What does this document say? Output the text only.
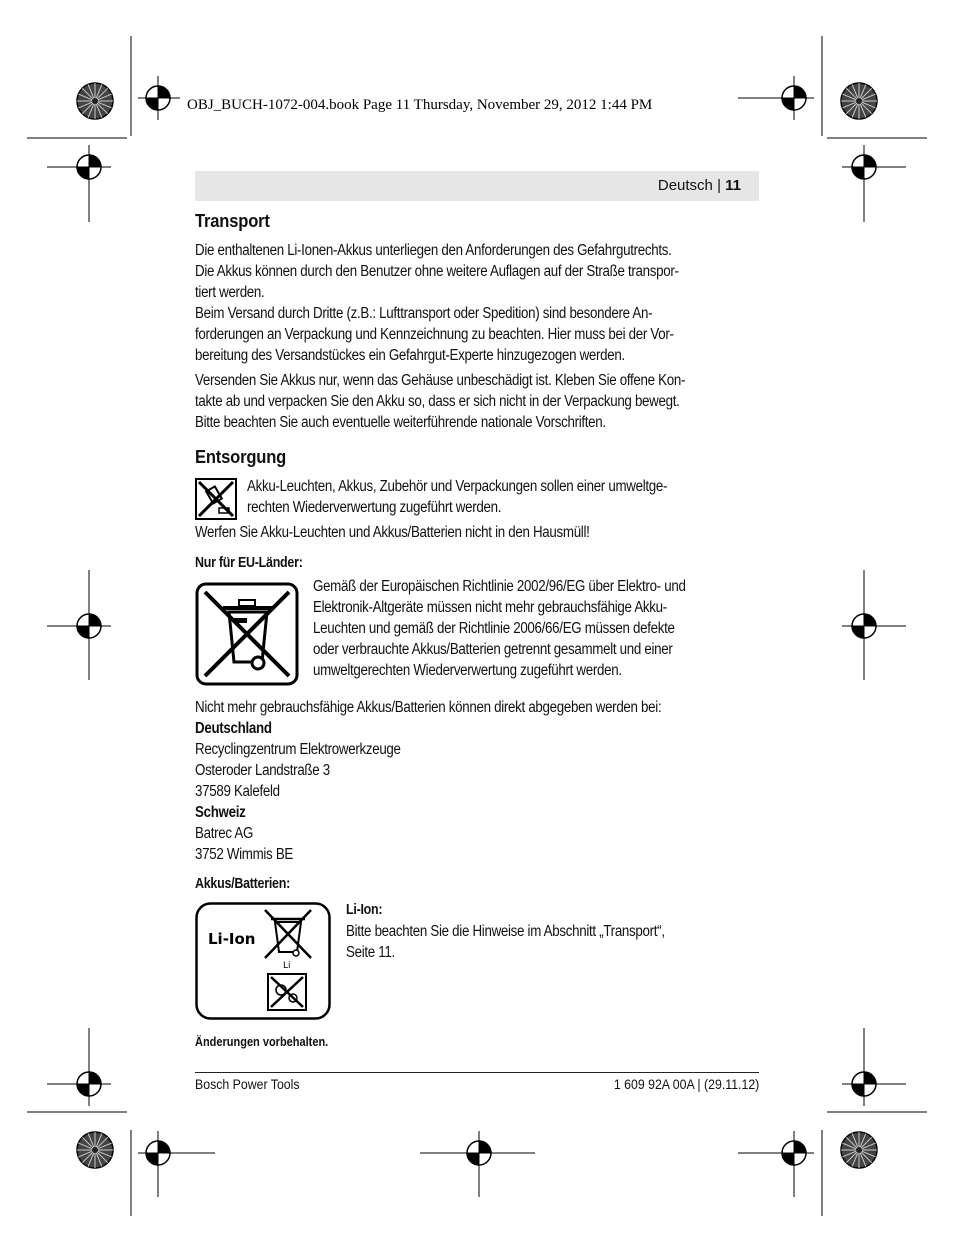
OBJ_BUCH-1072-004.book Page 11 Thursday, November 29, 2012 1:44 PM
Deutsch | 11
Transport

Die enthaltenen Li-Ionen-Akkus unterliegen den Anforderungen des Gefahrgutrechts.

Die Akkus können durch den Benutzer ohne weitere Auflagen auf der Straße transpor-

tiert werden.

Beim Versand durch Dritte (z.B.: Lufttransport oder Spedition) sind besondere An-

forderungen an Verpackung und Kennzeichnung zu beachten. Hier muss bei der Vor-

bereitung des Versandstückes ein Gefahrgut-Experte hinzugezogen werden.

Versenden Sie Akkus nur, wenn das Gehäuse unbeschädigt ist. Kleben Sie offene Kon-

takte ab und verpacken Sie den Akku so, dass er sich nicht in der Verpackung bewegt.

Bitte beachten Sie auch eventuelle weiterführende nationale Vorschriften.

Entsorgung

Akku-Leuchten, Akkus, Zubehör und Verpackungen sollen einer umweltge-

rechten Wiederverwertung zugeführt werden.

Werfen Sie Akku-Leuchten und Akkus/Batterien nicht in den Hausmüll!

Nur für EU-Länder:

Gemäß der Europäischen Richtlinie 2002/96/EG über Elektro- und

Elektronik-Altgeräte müssen nicht mehr gebrauchsfähige Akku-

Leuchten und gemäß der Richtlinie 2006/66/EG müssen defekte

oder verbrauchte Akkus/Batterien getrennt gesammelt und einer

umweltgerechten Wiederverwertung zugeführt werden.

Nicht mehr gebrauchsfähige Akkus/Batterien können direkt abgegeben werden bei:

Deutschland

Recyclingzentrum Elektrowerkzeuge

Osteroder Landstraße 3

37589 Kalefeld

Schweiz

Batrec AG

3752 Wimmis BE

Akkus/Batterien:

Li-Ion
Li

Li-Ion:

Bitte beachten Sie die Hinweise im Abschnitt „Transport“,

Seite 11.

Änderungen vorbehalten.
Bosch Power Tools	1 609 92A 00A | (29.11.12)
